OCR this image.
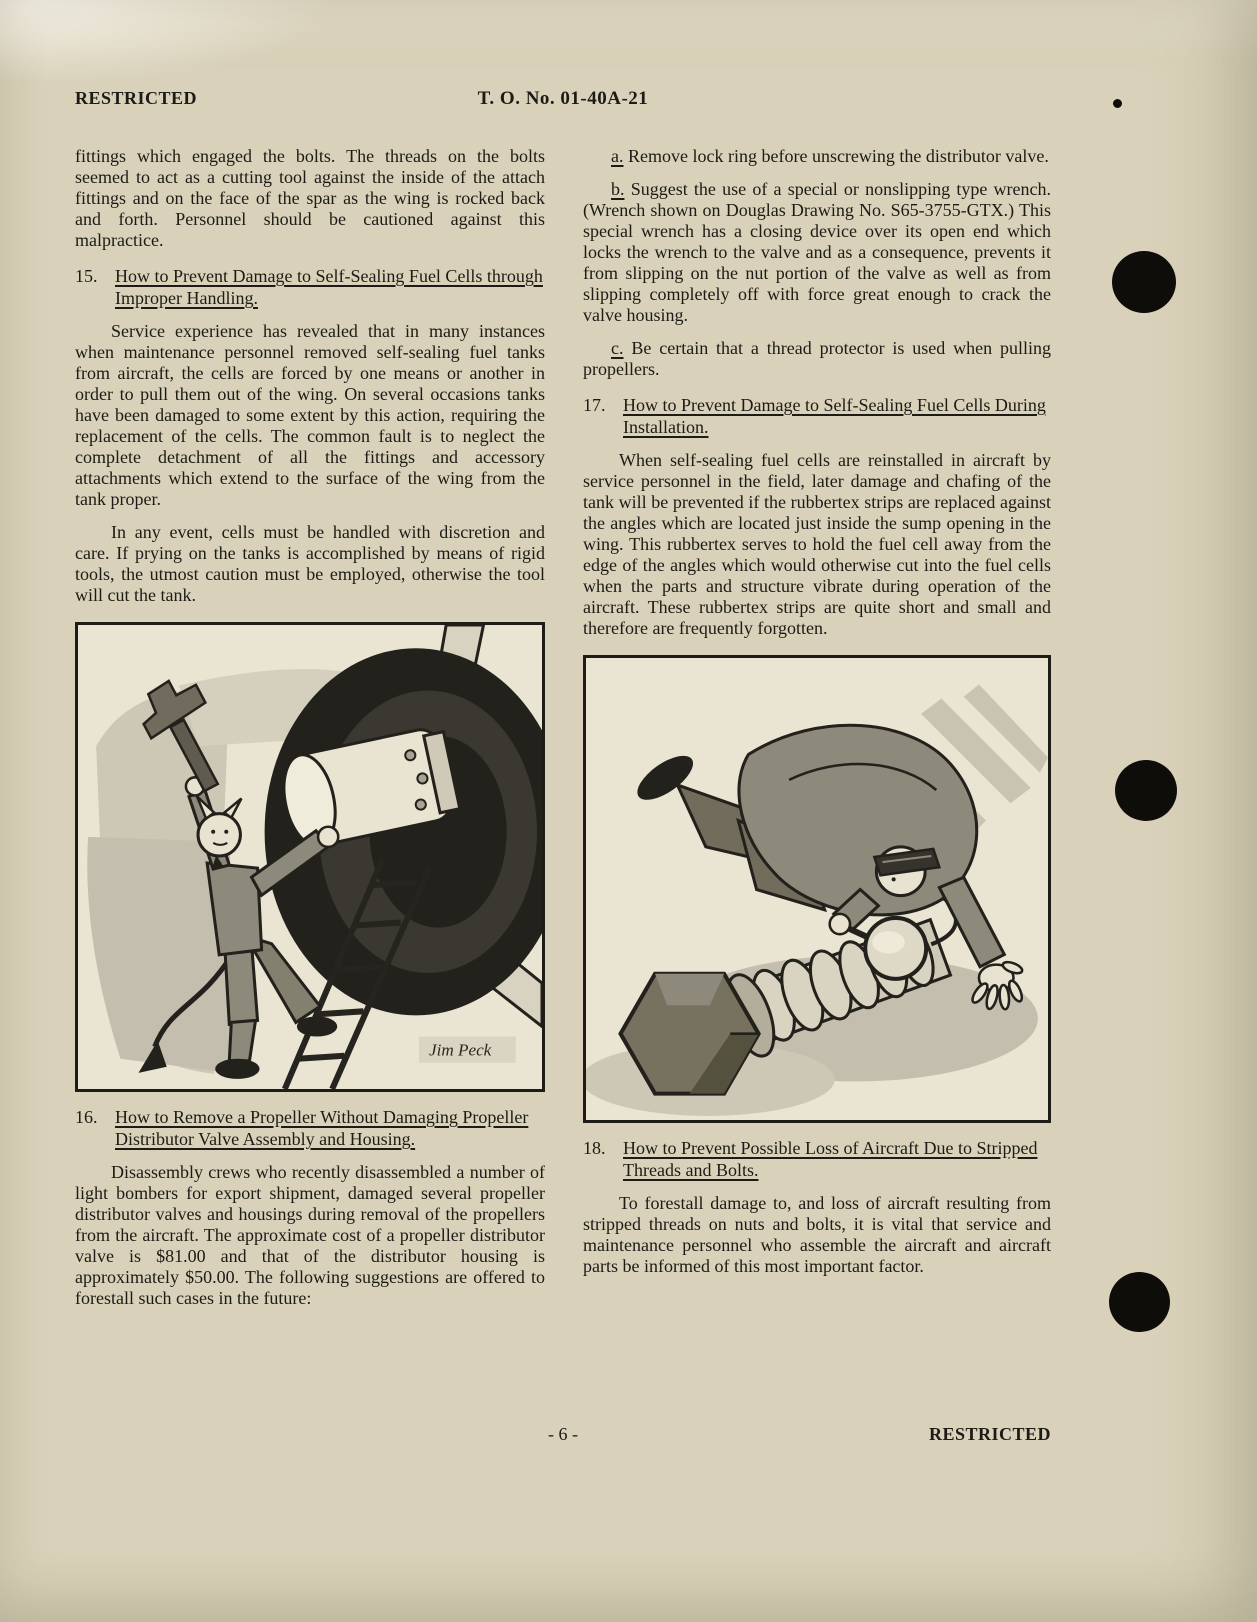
RESTRICTED	T. O. No. 01-40A-21

fittings which engaged the bolts. The threads on the bolts seemed to act as a cutting tool against the inside of the attach fittings and on the face of the spar as the wing is rocked back and forth. Personnel should be cautioned against this malpractice.

15. How to Prevent Damage to Self-Sealing Fuel Cells through Improper Handling.

Service experience has revealed that in many instances when maintenance personnel removed self-sealing fuel tanks from aircraft, the cells are forced by one means or another in order to pull them out of the wing. On several occasions tanks have been damaged to some extent by this action, requiring the replacement of the cells. The common fault is to neglect the complete detachment of all the fittings and accessory attachments which extend to the surface of the wing from the tank proper.

In any event, cells must be handled with discretion and care. If prying on the tanks is accomplished by means of rigid tools, the utmost caution must be employed, otherwise the tool will cut the tank.

Jim Peck
16. How to Remove a Propeller Without Damaging Propeller Distributor Valve Assembly and Housing.

Disassembly crews who recently disassembled a number of light bombers for export shipment, damaged several propeller distributor valves and housings during removal of the propellers from the aircraft. The approximate cost of a propeller distributor valve is $81.00 and that of the distributor housing is approximately $50.00. The following suggestions are offered to forestall such cases in the future:

a. Remove lock ring before unscrewing the distributor valve.

b. Suggest the use of a special or nonslipping type wrench. (Wrench shown on Douglas Drawing No. S65-3755-GTX.) This special wrench has a closing device over its open end which locks the wrench to the valve and as a consequence, prevents it from slipping on the nut portion of the valve as well as from slipping completely off with force great enough to crack the valve housing.

c. Be certain that a thread protector is used when pulling propellers.

17. How to Prevent Damage to Self-Sealing Fuel Cells During Installation.

When self-sealing fuel cells are reinstalled in aircraft by service personnel in the field, later damage and chafing of the tank will be prevented if the rubbertex strips are replaced against the angles which are located just inside the sump opening in the wing. This rubbertex serves to hold the fuel cell away from the edge of the angles which would otherwise cut into the fuel cells when the parts and structure vibrate during operation of the aircraft. These rubbertex strips are quite short and small and therefore are frequently forgotten.

18. How to Prevent Possible Loss of Aircraft Due to Stripped Threads and Bolts.

To forestall damage to, and loss of aircraft resulting from stripped threads on nuts and bolts, it is vital that service and maintenance personnel who assemble the aircraft and aircraft parts be informed of this most important factor.

- 6 -	RESTRICTED
